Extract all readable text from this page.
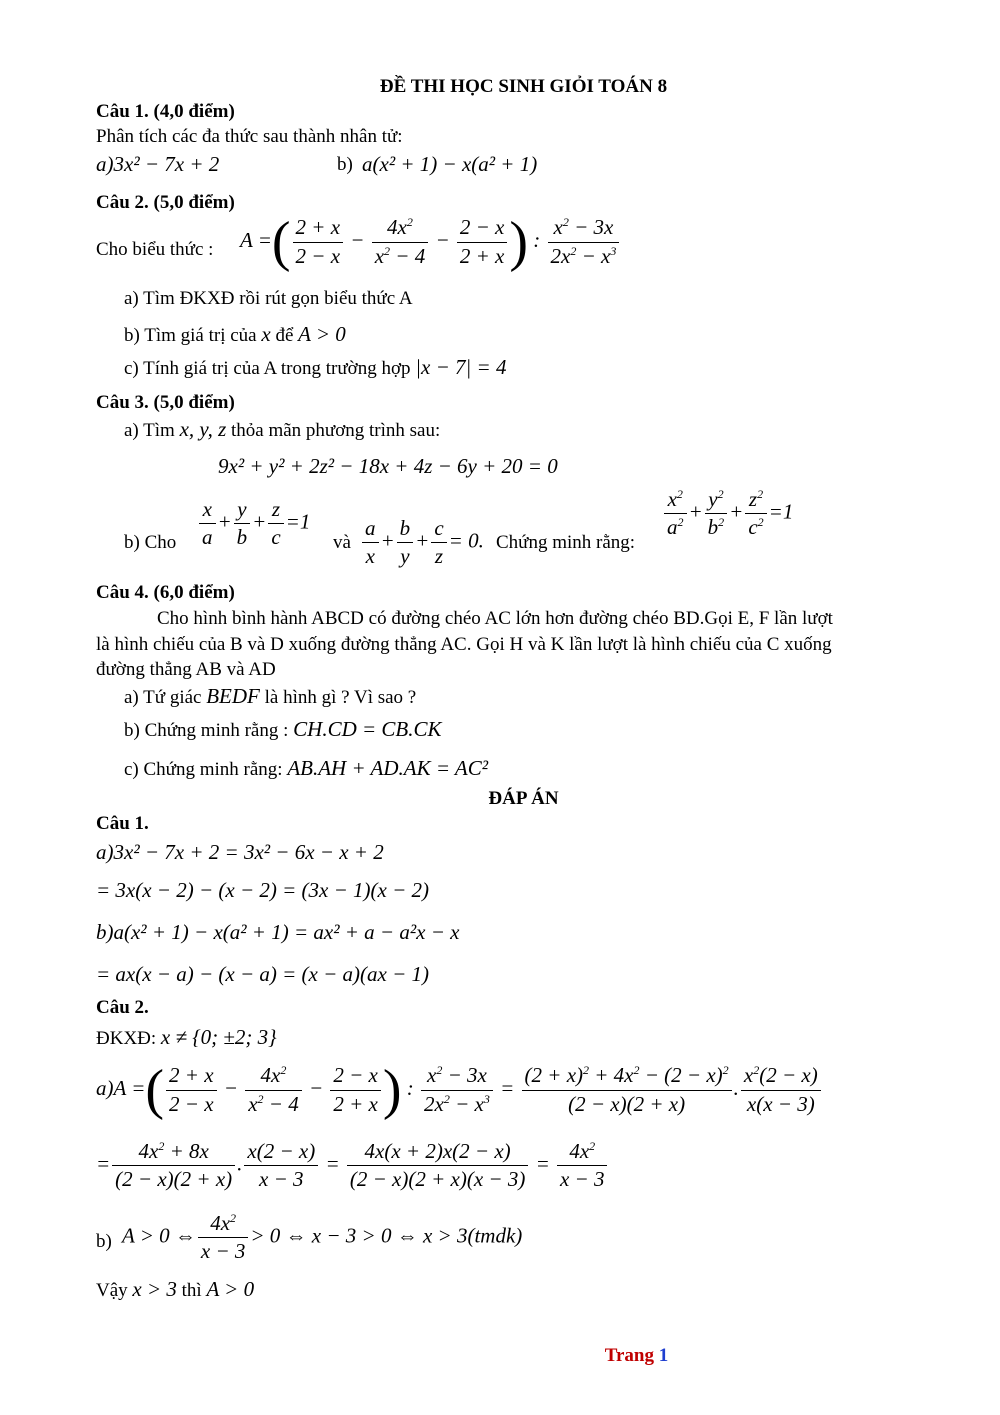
ĐỀ THI HỌC SINH GIỎI TOÁN 8
Câu 1. (4,0 điểm)
Phân tích các đa thức sau thành nhân tử:
a)3x² − 7x + 2	b) a(x² + 1) − x(a² + 1)
Câu 2. (5,0 điểm)
Cho biểu thức : A =( $\frac{2 + x}{2 - x} - \frac{4x^2}{x^2 - 4} - \frac{2 - x}{2 + x}$ ) : $\frac{x^2 - 3x}{2x^2 - x^3}$
a) Tìm ĐKXĐ rồi rút gọn biểu thức A
b) Tìm giá trị của x để A > 0
c) Tính giá trị của A trong trường hợp |x − 7| = 4
Câu 3. (5,0 điểm)
a) Tìm x, y, z thỏa mãn phương trình sau:
9x² + y² + 2z² − 18x + 4z − 6y + 20 = 0
b) Cho $\frac{x}{a} + \frac{y}{b} + \frac{z}{c} =1$
và $\frac{a}{x} + \frac{b}{y} + \frac{c}{z} = 0$. Chứng minh rằng:
$\frac{x^2}{a^2} + \frac{y^2}{b^2} + \frac{z^2}{c^2} =1$
Câu 4. (6,0 điểm)
Cho hình bình hành ABCD có đường chéo AC lớn hơn đường chéo BD.Gọi E, F lần lượt
là hình chiếu của B và D xuống đường thẳng AC. Gọi H và K lần lượt là hình chiếu của C xuống
đường thẳng AB và AD
a) Tứ giác BEDF là hình gì ? Vì sao ?
b) Chứng minh rằng : CH.CD = CB.CK
c) Chứng minh rằng: AB.AH + AD.AK = AC²
ĐÁP ÁN
Câu 1.
a)3x² − 7x + 2 = 3x² − 6x − x + 2
= 3x(x − 2) − (x − 2) = (3x − 1)(x − 2)
b)a(x² + 1) − x(a² + 1) = ax² + a − a²x − x
= ax(x − a) − (x − a) = (x − a)(ax − 1)
Câu 2.
ĐKXĐ: x ≠ {0; ±2; 3}
a)A =( $\frac{2 + x}{2 - x} - \frac{4x^2}{x^2 - 4} - \frac{2 - x}{2 + x}$ ) : $\frac{x^2 - 3x}{2x^2 - x^3} = \frac{(2 + x)^2 + 4x^2 - (2 - x)^2}{(2 - x)(2 + x)}$ . $\frac{x^2(2 - x)}{x(x - 3)}$
= $\frac{4x^2 + 8x}{(2 - x)(2 + x)}$ . $\frac{x(2 - x)}{x - 3} = \frac{4x(x + 2)x(2 - x)}{(2 - x)(2 + x)(x - 3)} = \frac{4x^2}{x - 3}$
b) A > 0 ⇔ $\frac{4x^2}{x - 3} > 0$ ⇔ x − 3 > 0 ⇔ x > 3(tmdk)
Vậy x > 3 thì A > 0
Trang 1
